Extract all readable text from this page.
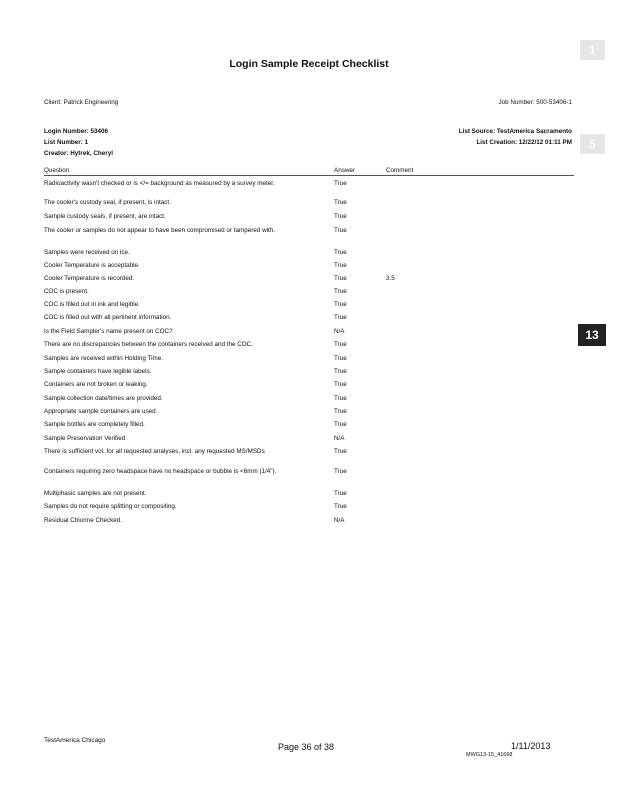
Login Sample Receipt Checklist
Client: Patrick Engineering	Job Number: 500-53406-1
Login Number: 53406
List Number: 1
Creator: Hytrek, Cheryl
List Source: TestAmerica Sacramento
List Creation: 12/22/12 01:11 PM
Question	Answer	Comment
Radioactivity wasn't checked or is </= background as measured by a survey meter.	True
The cooler's custody seal, if present, is intact.	True
Sample custody seals, if present, are intact.	True
The cooler or samples do not appear to have been compromised or tampered with.	True
Samples were received on ice.	True
Cooler Temperature is acceptable.	True
Cooler Temperature is recorded.	True	3.5
COC is present.	True
COC is filled out in ink and legible.	True
COC is filled out with all pertinent information.	True
Is the Field Sampler's name present on COC?	N/A
There are no discrepancies between the containers received and the COC.	True
Samples are received within Holding Time.	True
Sample containers have legible labels.	True
Containers are not broken or leaking.	True
Sample collection date/times are provided.	True
Appropriate sample containers are used.	True
Sample bottles are completely filled.	True
Sample Preservation Verified	N/A
There is sufficient vol. for all requested analyses, incl. any requested MS/MSDs	True
Containers requiring zero headspace have no headspace or bubble is <6mm (1/4").	True
Multiphasic samples are not present.	True
Samples do not require splitting or compositing.	True
Residual Chlorine Checked.	N/A
1
5
13
TestAmerica Chicago
Page 36 of 38	1/11/2013
MWG13-15_41668
